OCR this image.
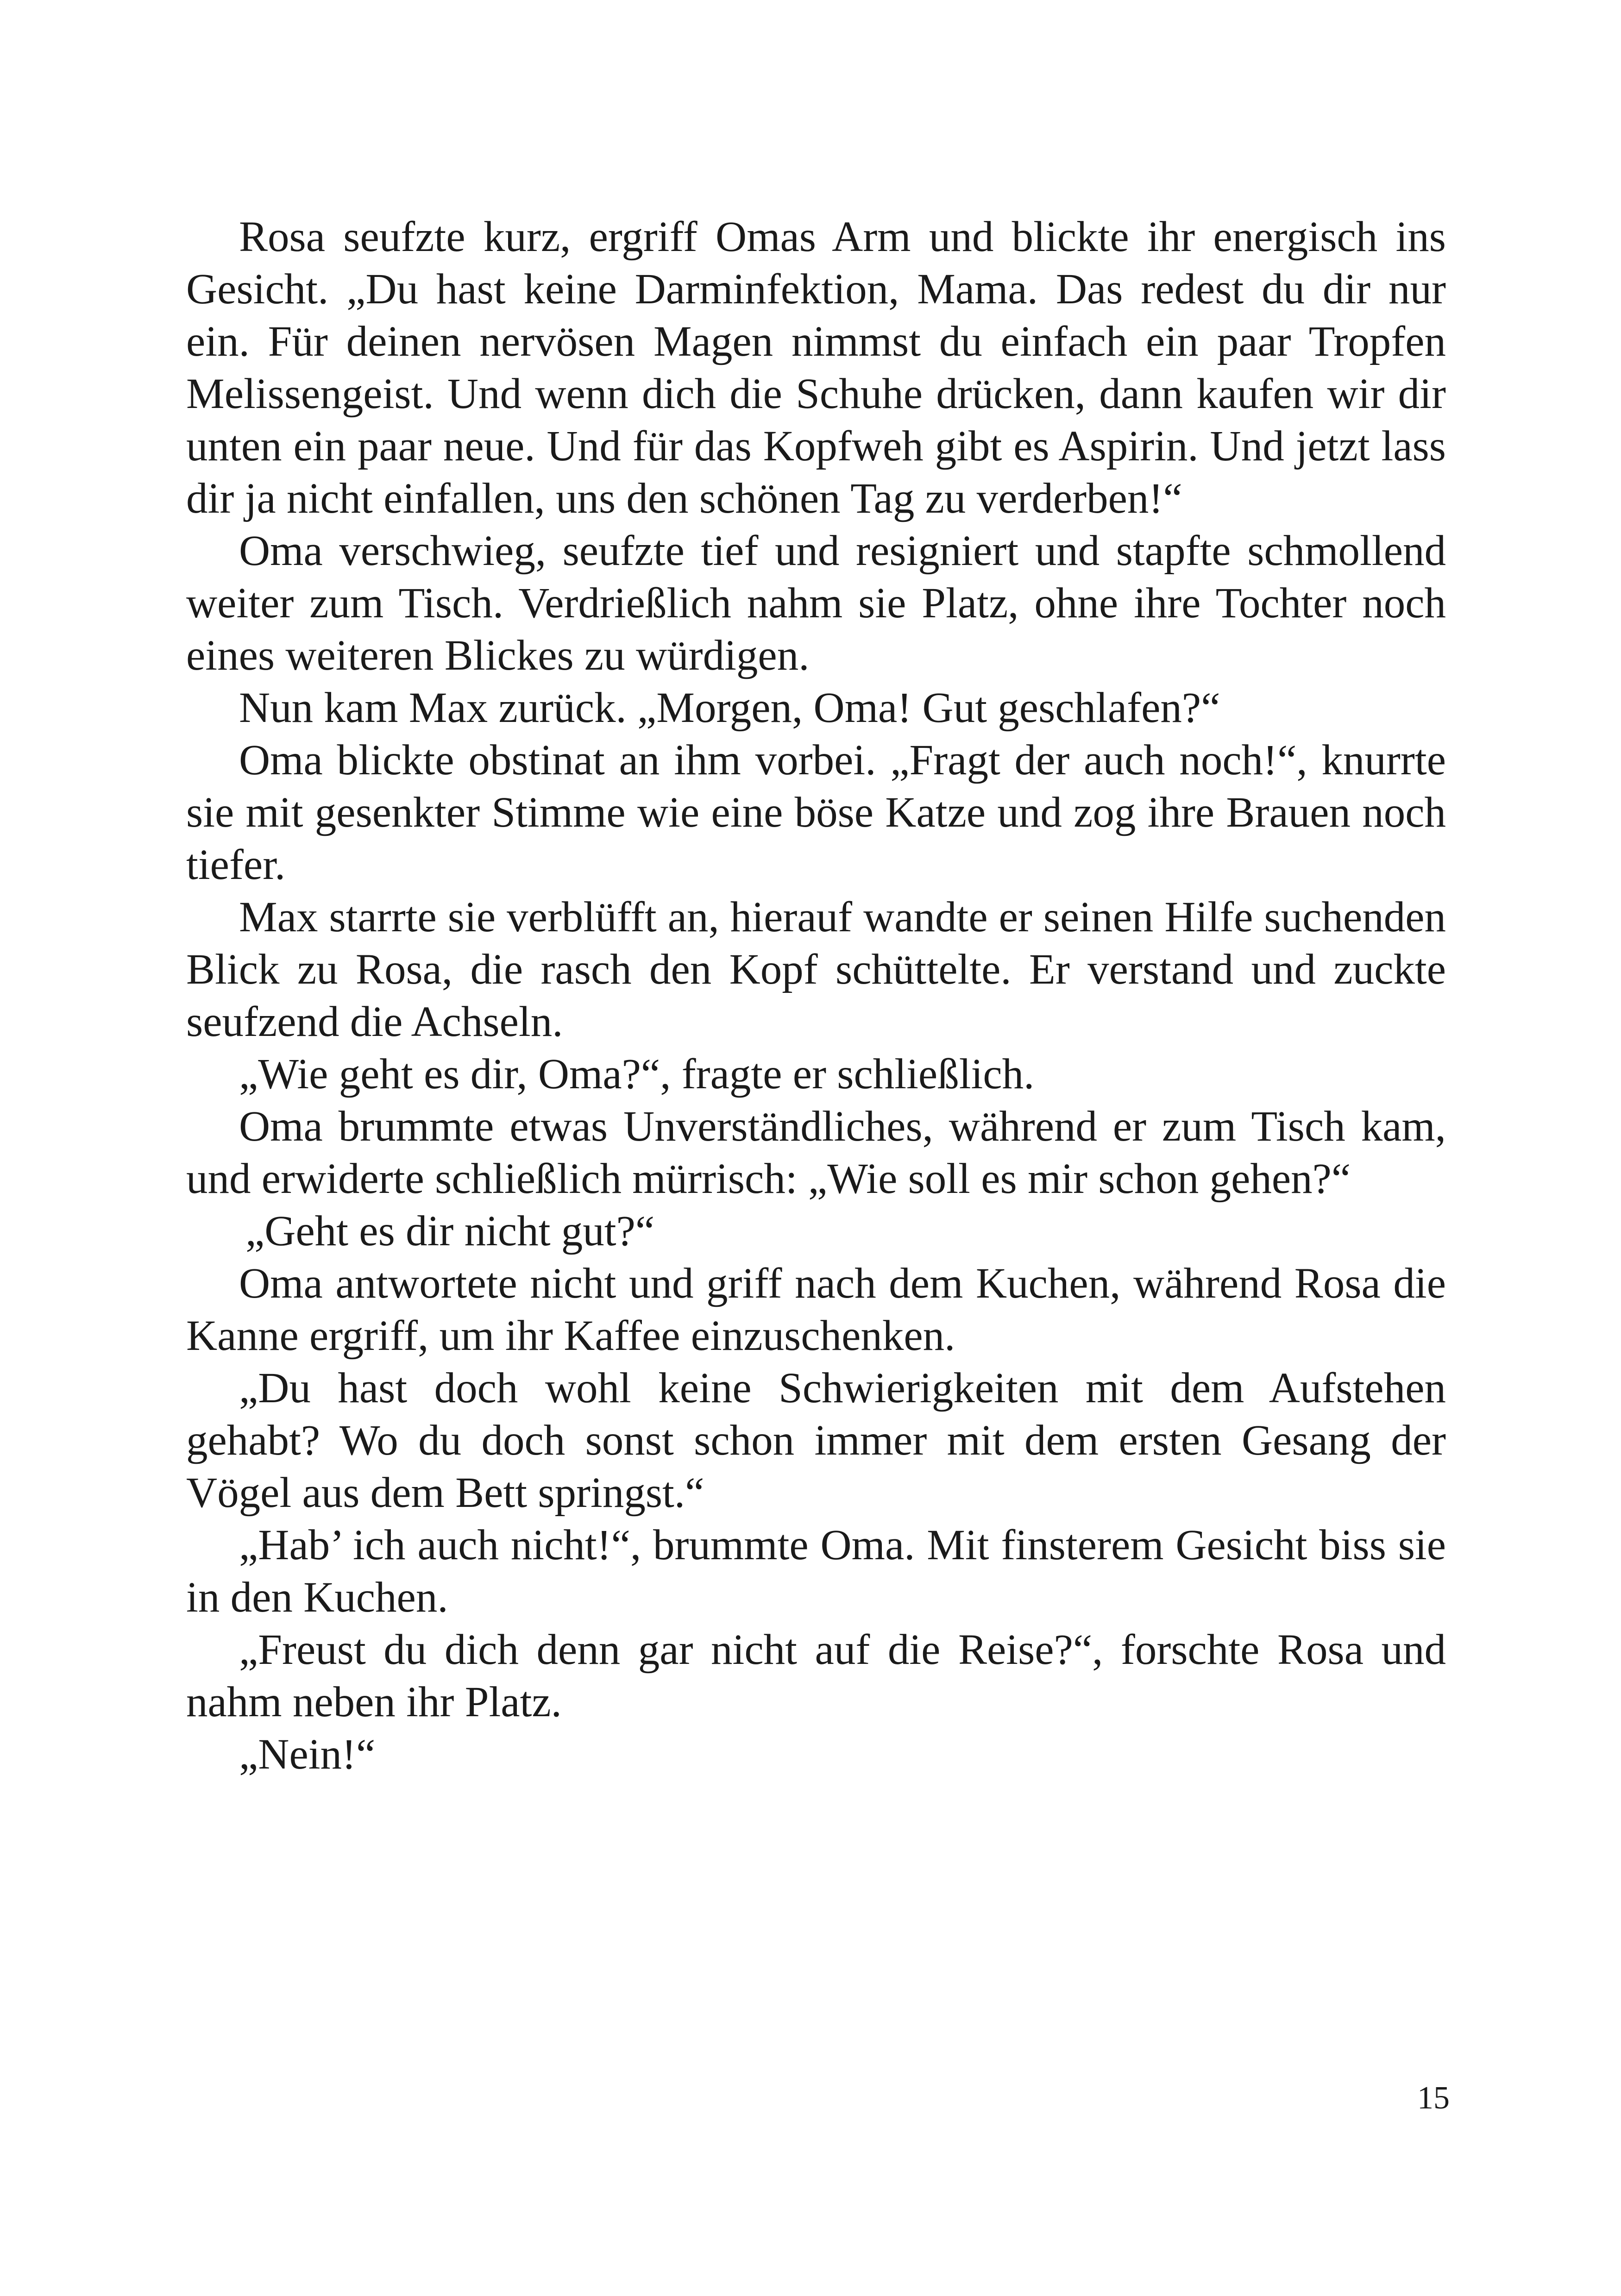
Rosa seufzte kurz, ergriff Omas Arm und blickte ihr energisch ins Gesicht. „Du hast keine Darminfektion, Mama. Das redest du dir nur ein. Für deinen nervösen Magen nimmst du einfach ein paar Tropfen Melissengeist. Und wenn dich die Schuhe drücken, dann kaufen wir dir unten ein paar neue. Und für das Kopfweh gibt es Aspirin. Und jetzt lass dir ja nicht einfallen, uns den schönen Tag zu verderben!“

Oma verschwieg, seufzte tief und resigniert und stapfte schmollend weiter zum Tisch. Verdrießlich nahm sie Platz, ohne ihre Tochter noch eines weiteren Blickes zu würdigen.

Nun kam Max zurück. „Morgen, Oma! Gut geschlafen?“

Oma blickte obstinat an ihm vorbei. „Fragt der auch noch!“, knurrte sie mit gesenkter Stimme wie eine böse Katze und zog ihre Brauen noch tiefer.

Max starrte sie verblüfft an, hierauf wandte er seinen Hilfe suchenden Blick zu Rosa, die rasch den Kopf schüttelte. Er verstand und zuckte seufzend die Achseln.

„Wie geht es dir, Oma?“, fragte er schließlich.

Oma brummte etwas Unverständliches, während er zum Tisch kam, und erwiderte schließlich mürrisch: „Wie soll es mir schon gehen?“

„Geht es dir nicht gut?“

Oma antwortete nicht und griff nach dem Kuchen, während Rosa die Kanne ergriff, um ihr Kaffee einzuschenken.

„Du hast doch wohl keine Schwierigkeiten mit dem Aufstehen gehabt? Wo du doch sonst schon immer mit dem ersten Gesang der Vögel aus dem Bett springst.“

„Hab’ ich auch nicht!“, brummte Oma. Mit finsterem Gesicht biss sie in den Kuchen.

„Freust du dich denn gar nicht auf die Reise?“, forschte Rosa und nahm neben ihr Platz.

„Nein!“

15
